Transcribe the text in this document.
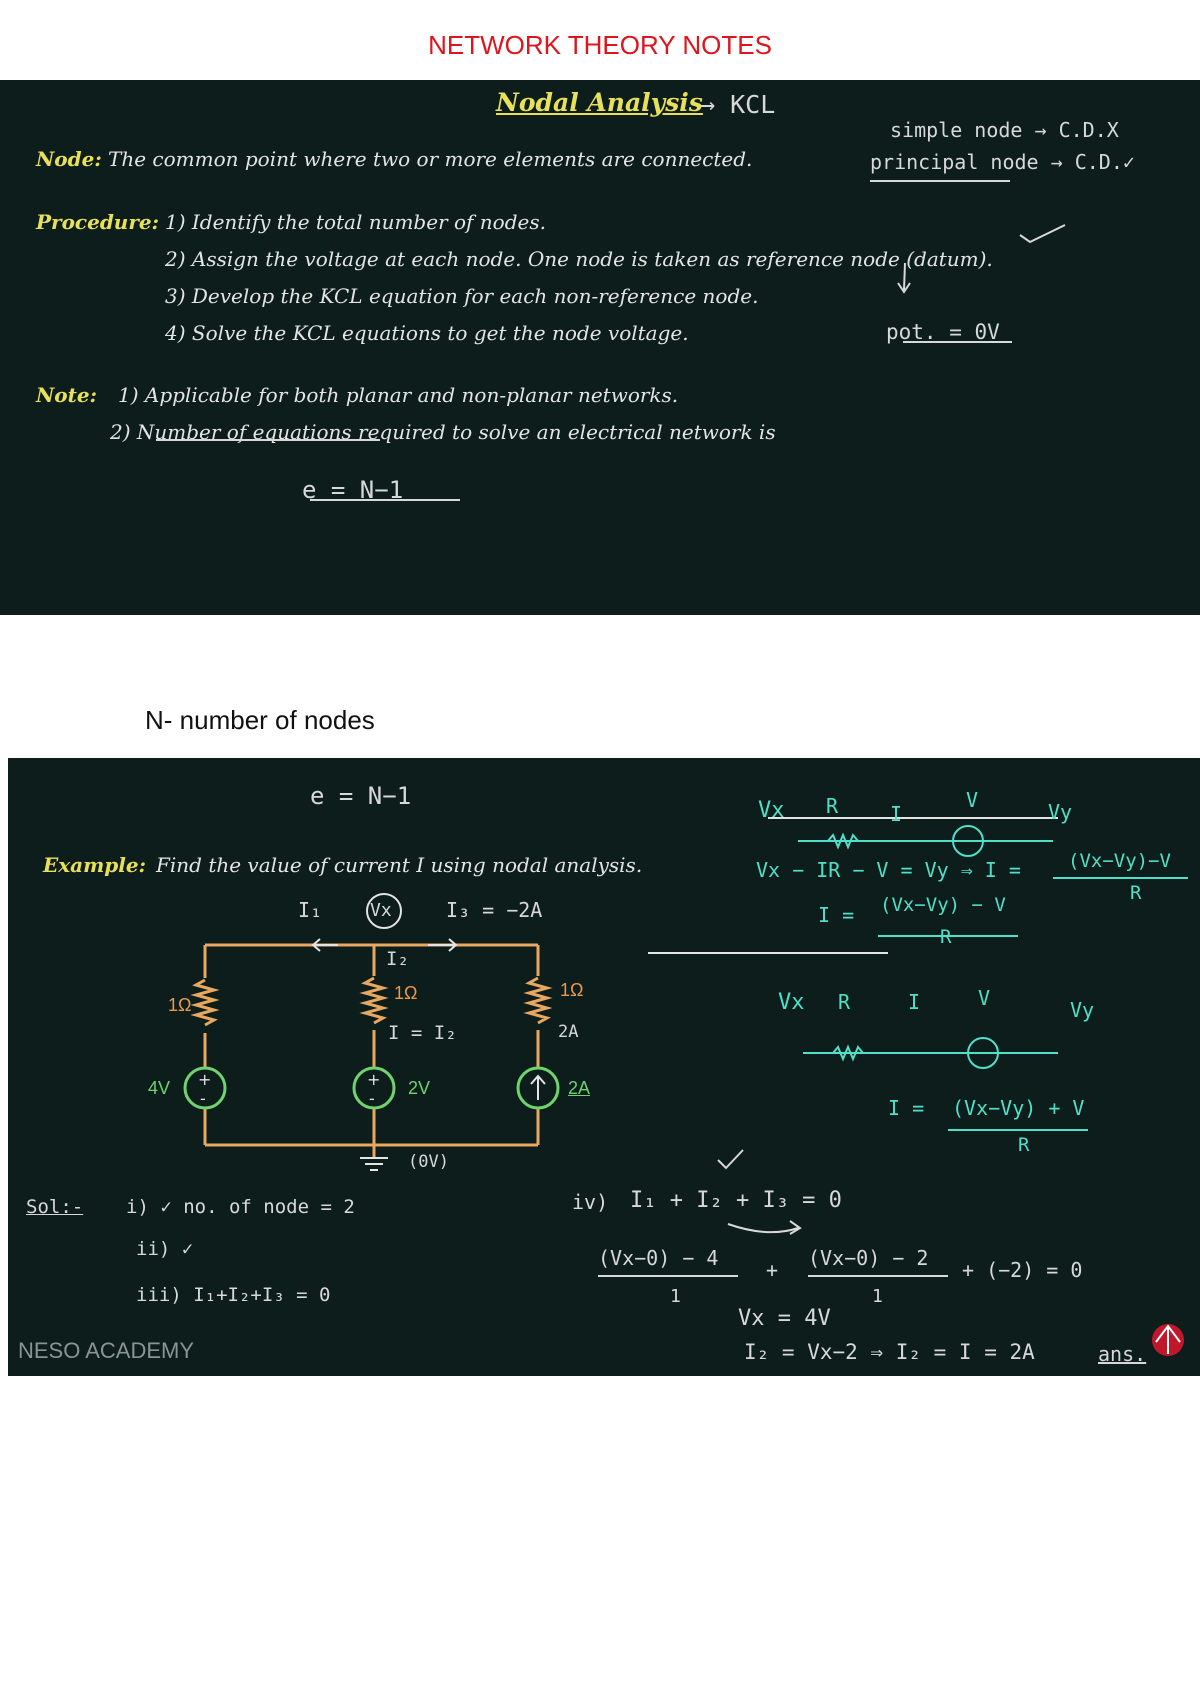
NETWORK THEORY NOTES
Nodal Analysis
→ KCL
Node: The common point where two or more elements are connected.
simple node → C.D.X
principal node → C.D.✓
Procedure: 1) Identify the total number of nodes.
2) Assign the voltage at each node. One node is taken as reference node (datum).
3) Develop the KCL equation for each non-reference node.
4) Solve the KCL equations to get the node voltage.	pot. = 0V
Note: 1) Applicable for both planar and non-planar networks.
2) Number of equations required to solve an electrical network is
e = N−1
N- number of nodes
e = N−1
Example: Find the value of current I using nodal analysis.
+
-
+
-
Vx
I₁	I₃ = −2A
I₂
1Ω
1Ω	1Ω
I = I₂	2A
4V	2V	2A
(0V)
Sol:- i) ✓ no. of node = 2
ii) ✓
iii) I₁+I₂+I₃ = 0
Vx R	I
V	Vy
Vx − IR − V = Vy ⇒ I = (Vx−Vy)−V
R
I = (Vx−Vy) − V
R
Vx R	I	V	Vy
I = (Vx−Vy) + V
R
iv) I₁ + I₂ + I₃ = 0
(Vx−0) − 4
1
+ (Vx−0) − 2
1
+ (−2) = 0
Vx = 4V
I₂ = Vx−2 ⇒ I₂ = I = 2A	ans.
NESO ACADEMY
